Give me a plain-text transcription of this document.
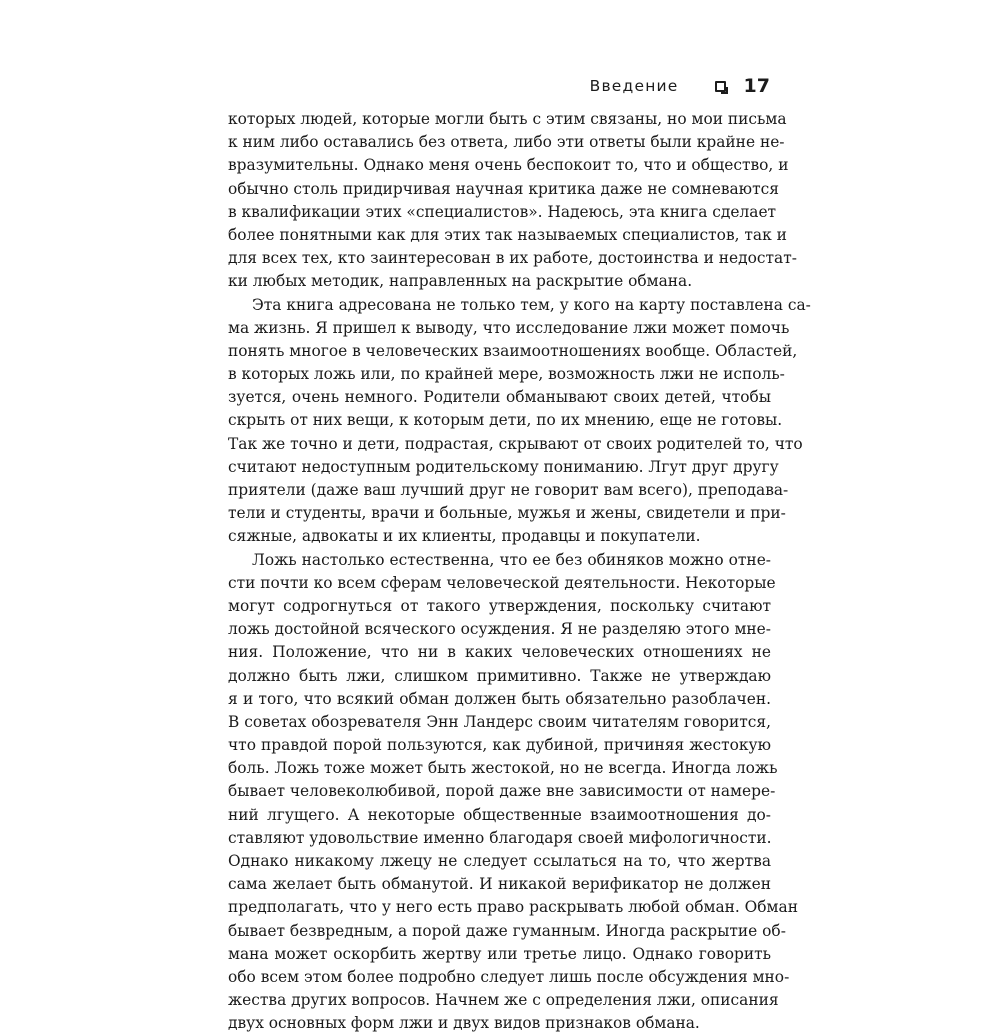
Введение	17
которых людей, которые могли быть с этим связаны, но мои письма
к ним либо оставались без ответа, либо эти ответы были крайне не-
вразумительны. Однако меня очень беспокоит то, что и общество, и
обычно столь придирчивая научная критика даже не сомневаются
в квалификации этих «специалистов». Надеюсь, эта книга сделает
более понятными как для этих так называемых специалистов, так и
для всех тех, кто заинтересован в их работе, достоинства и недостат-
ки любых методик, направленных на раскрытие обмана.
Эта книга адресована не только тем, у кого на карту поставлена са-
ма жизнь. Я пришел к выводу, что исследование лжи может помочь
понять многое в человеческих взаимоотношениях вообще. Областей,
в которых ложь или, по крайней мере, возможность лжи не исполь-
зуется, очень немного. Родители обманывают своих детей, чтобы
скрыть от них вещи, к которым дети, по их мнению, еще не готовы.
Так же точно и дети, подрастая, скрывают от своих родителей то, что
считают недоступным родительскому пониманию. Лгут друг другу
приятели (даже ваш лучший друг не говорит вам всего), преподава-
тели и студенты, врачи и больные, мужья и жены, свидетели и при-
сяжные, адвокаты и их клиенты, продавцы и покупатели.
Ложь настолько естественна, что ее без обиняков можно отне-
сти почти ко всем сферам человеческой деятельности. Некоторые
могут содрогнуться от такого утверждения, поскольку считают
ложь достойной всяческого осуждения. Я не разделяю этого мне-
ния. Положение, что ни в каких человеческих отношениях не
должно быть лжи, слишком примитивно. Также не утверждаю
я и того, что всякий обман должен быть обязательно разоблачен.
В советах обозревателя Энн Ландерс своим читателям говорится,
что правдой порой пользуются, как дубиной, причиняя жестокую
боль. Ложь тоже может быть жестокой, но не всегда. Иногда ложь
бывает человеколюбивой, порой даже вне зависимости от намере-
ний лгущего. А некоторые общественные взаимоотношения до-
ставляют удовольствие именно благодаря своей мифологичности.
Однако никакому лжецу не следует ссылаться на то, что жертва
сама желает быть обманутой. И никакой верификатор не должен
предполагать, что у него есть право раскрывать любой обман. Обман
бывает безвредным, а порой даже гуманным. Иногда раскрытие об-
мана может оскорбить жертву или третье лицо. Однако говорить
обо всем этом более подробно следует лишь после обсуждения мно-
жества других вопросов. Начнем же с определения лжи, описания
двух основных форм лжи и двух видов признаков обмана.
